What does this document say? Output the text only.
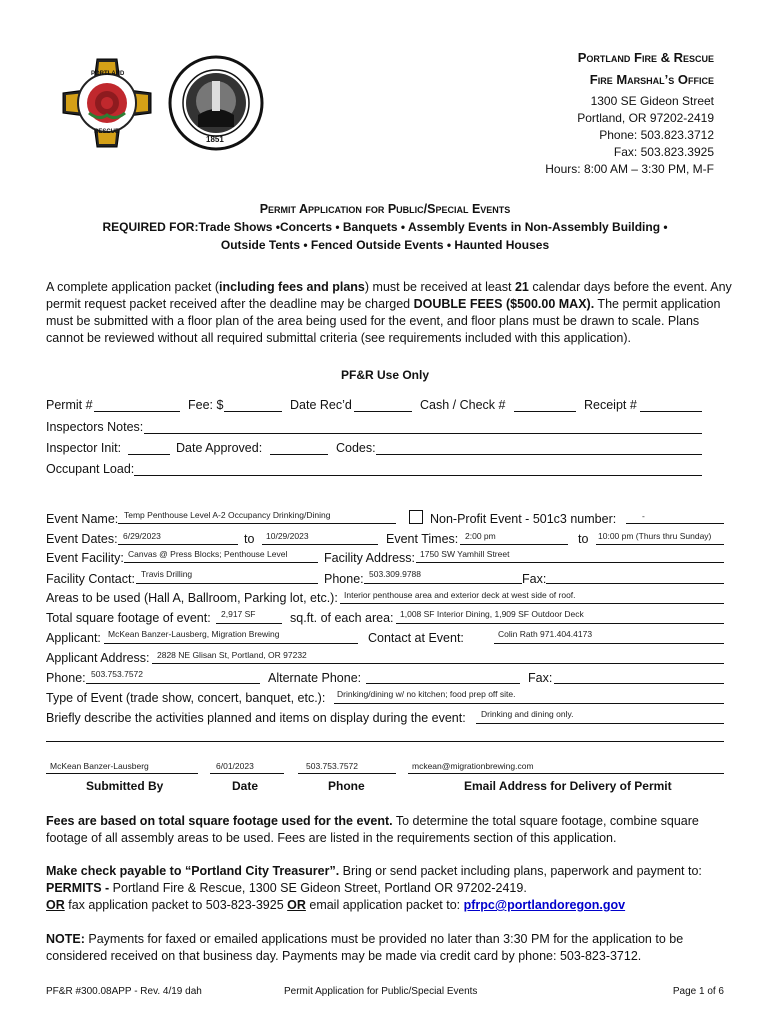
PORTLAND
RESCUE
1851
Portland Fire & Rescue
Fire Marshal’s Office
1300 SE Gideon Street
Portland, OR 97202-2419
Phone: 503.823.3712
Fax: 503.823.3925
Hours: 8:00 AM – 3:30 PM, M-F
Permit Application for Public/Special Events
REQUIRED FOR:Trade Shows •Concerts • Banquets • Assembly Events in Non-Assembly Building •
Outside Tents • Fenced Outside Events • Haunted Houses
A complete application packet (including fees and plans) must be received at least 21 calendar days before the event. Any permit request packet received after the deadline may be charged DOUBLE FEES ($500.00 MAX). The permit application must be submitted with a floor plan of the area being used for the event, and floor plans must be drawn to scale. Plans cannot be reviewed without all required submittal criteria (see requirements included with this application).
PF&R Use Only
Permit #	Fee: $	Date Rec’d	Cash / Check #	Receipt #
Inspectors Notes:
Inspector Init:	Date Approved:	Codes:
Occupant Load:
Event Name: Temp Penthouse Level A-2 Occupancy Drinking/Dining	Non-Profit Event - 501c3 number:	-
Event Dates: 6/29/2023	to 10/29/2023	Event Times: 2:00 pm	to 10:00 pm (Thurs thru Sunday)
Event Facility: Canvas @ Press Blocks; Penthouse Level	Facility Address: 1750 SW Yamhill Street
Facility Contact: Travis Drilling	Phone: 503.309.9788	Fax:
Areas to be used (Hall A, Ballroom, Parking lot, etc.): Interior penthouse area and exterior deck at west side of roof.
Total square footage of event: 2,917 SF	sq.ft. of each area: 1,008 SF Interior Dining, 1,909 SF Outdoor Deck
Applicant: McKean Banzer-Lausberg, Migration Brewing	Contact at Event:	Colin Rath 971.404.4173
Applicant Address: 2828 NE Glisan St, Portland, OR 97232
Phone: 503.753.7572	Alternate Phone:	Fax:
Type of Event (trade show, concert, banquet, etc.): Drinking/dining w/ no kitchen; food prep off site.
Briefly describe the activities planned and items on display during the event: Drinking and dining only.
McKean Banzer-Lausberg	6/01/2023	503.753.7572	mckean@migrationbrewing.com
Submitted By	Date	Phone	Email Address for Delivery of Permit
Fees are based on total square footage used for the event. To determine the total square footage, combine square footage of all assembly areas to be used. Fees are listed in the requirements section of this application.
Make check payable to “Portland City Treasurer”. Bring or send packet including plans, paperwork and payment to:
PERMITS - Portland Fire & Rescue, 1300 SE Gideon Street, Portland OR 97202-2419.
OR fax application packet to 503-823-3925 OR email application packet to: pfrpc@portlandoregon.gov
NOTE: Payments for faxed or emailed applications must be provided no later than 3:30 PM for the application to be considered received on that business day. Payments may be made via credit card by phone: 503-823-3712.
PF&R #300.08APP - Rev. 4/19 dah	Permit Application for Public/Special Events	Page 1 of 6
